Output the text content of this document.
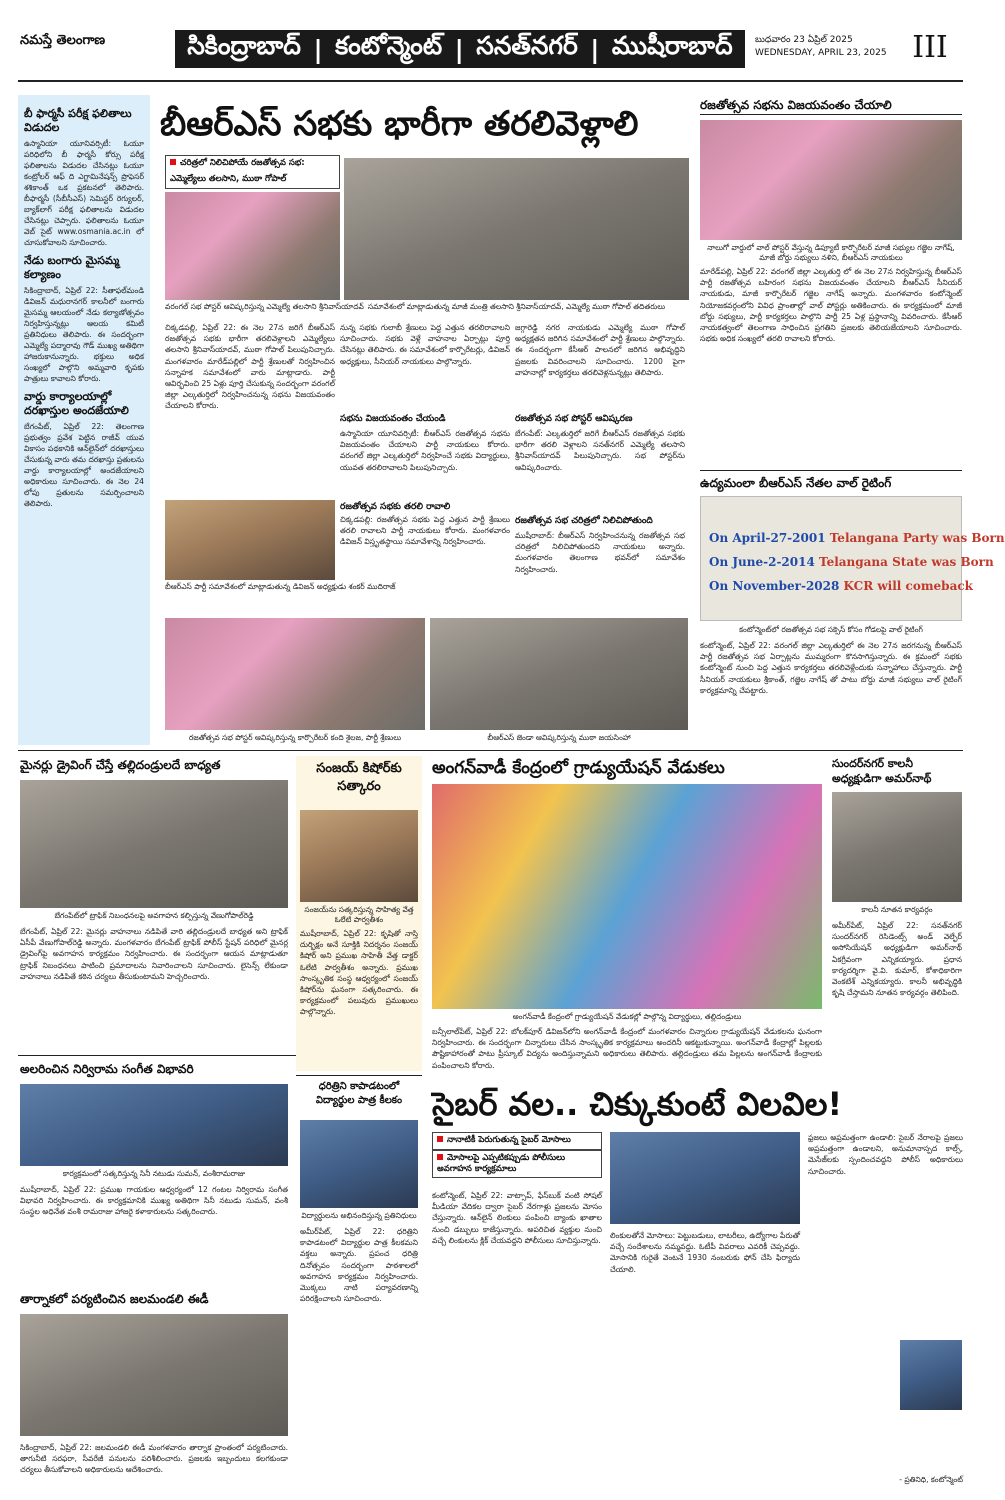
నమస్తే తెలంగాణ	సికింద్రాబాద్ | కంటోన్మెంట్ | సనత్‌నగర్ | ముషీరాబాద్ బుధవారం 23 ఏప్రిల్ 2025
WEDNESDAY, APRIL 23, 2025 III
బీ ఫార్మసీ పరీక్ష ఫలితాలు విడుదల
ఉస్మానియా యూనివర్సిటీ: ఓయూ పరిధిలోని బీ ఫార్మసీ కోర్సు పరీక్ష ఫలితాలను విడుదల చేసినట్లు ఓయూ కంట్రోలర్ ఆఫ్ ది ఎగ్జామినేషన్స్ ప్రొఫెసర్ శశికాంత్ ఒక ప్రకటనలో తెలిపారు. బీఫార్మసీ (సీబీసీఎస్) సెమిస్టర్ రెగ్యులర్, బ్యాక్‌లాగ్ పరీక్ష ఫలితాలను విడుదల చేసినట్లు చెప్పారు. ఫలితాలను ఓయూ వెబ్ సైట్ www.osmania.ac.in లో చూసుకోవాలని సూచించారు.
నేడు బంగారు మైసమ్మ కల్యాణం
సికింద్రాబాద్, ఏప్రిల్ 22: సీతాఫల్‌మండి డివిజన్ మధురానగర్ కాలనీలో బంగారు మైసమ్మ ఆలయంలో నేడు కల్యాణోత్సవం నిర్వహిస్తున్నట్లు ఆలయ కమిటీ ప్రతినిధులు తెలిపారు. ఈ సందర్భంగా ఎమ్మెల్యే పద్మారావు గౌడ్ ముఖ్య అతిథిగా హాజరుకానున్నారు. భక్తులు అధిక సంఖ్యలో పాల్గొని అమ్మవారి కృపకు పాత్రులు కావాలని కోరారు.
వార్డు కార్యాలయాల్లో దరఖాస్తుల అందజేయాలి
బేగంపేట్, ఏప్రిల్ 22: తెలంగాణ ప్రభుత్వం ప్రవేశ పెట్టిన రాజీవ్ యువ వికాసం పథకానికి ఆన్‌లైన్‌లో దరఖాస్తులు చేసుకున్న వారు తమ దరఖాస్తు ప్రతులను వార్డు కార్యాలయాల్లో అందజేయాలని అధికారులు సూచించారు. ఈ నెల 24 లోపు ప్రతులను సమర్పించాలని తెలిపారు.
బీఆర్‌ఎస్ సభకు భారీగా తరలివెళ్లాలి
చరిత్రలో నిలిచిపోయే రజతోత్సవ సభ:
ఎమ్మెల్యేలు తలసాని, ముఠా గోపాల్
వరంగల్ సభ పోస్టర్ ఆవిష్కరిస్తున్న ఎమ్మెల్యే తలసాని శ్రీనివాస్‌యాదవ్ సమావేశంలో మాట్లాడుతున్న మాజీ మంత్రి తలసాని శ్రీనివాస్‌యాదవ్, ఎమ్మెల్యే ముఠా గోపాల్ తదితరులు
చిక్కడపల్లి, ఏప్రిల్ 22: ఈ నెల 27న జరిగే బీఆర్‌ఎస్ రజతోత్సవ సభకు భారీగా తరలివెళ్లాలని ఎమ్మెల్యేలు తలసాని శ్రీనివాస్‌యాదవ్, ముఠా గోపాల్ పిలుపునిచ్చారు. మంగళవారం మారేడ్‌పల్లిలో పార్టీ శ్రేణులతో నిర్వహించిన సన్నాహక సమావేశంలో వారు మాట్లాడారు. పార్టీ ఆవిర్భవించి 25 ఏళ్లు పూర్తి చేసుకున్న సందర్భంగా వరంగల్ జిల్లా ఎల్కతుర్తిలో నిర్వహించనున్న సభను విజయవంతం చేయాలని కోరారు.
నున్న సభకు గులాబీ శ్రేణులు పెద్ద ఎత్తున తరలిరావాలని సూచించారు. సభకు వెళ్లే వాహనాల ఏర్పాట్లు పూర్తి చేసినట్లు తెలిపారు. ఈ సమావేశంలో కార్పొరేటర్లు, డివిజన్ అధ్యక్షులు, సీనియర్ నాయకులు పాల్గొన్నారు.
సభను విజయవంతం చేయండి
ఉస్మానియా యూనివర్సిటీ: బీఆర్‌ఎస్ రజతోత్సవ సభను విజయవంతం చేయాలని పార్టీ నాయకులు కోరారు. వరంగల్ జిల్లా ఎల్కతుర్తిలో నిర్వహించే సభకు విద్యార్థులు, యువత తరలిరావాలని పిలుపునిచ్చారు.
జగ్గారెడ్డి నగర నాయకుడు ఎమ్మెల్యే ముఠా గోపాల్ అధ్యక్షతన జరిగిన సమావేశంలో పార్టీ శ్రేణులు పాల్గొన్నారు. ఈ సందర్భంగా కేసీఆర్ పాలనలో జరిగిన అభివృద్ధిని ప్రజలకు వివరించాలని సూచించారు. 1200 పైగా వాహనాల్లో కార్యకర్తలు తరలివెళ్లనున్నట్లు తెలిపారు.
రజతోత్సవ సభ పోస్టర్ ఆవిష్కరణ
బేగంపేట్: ఎల్కతుర్తిలో జరిగే బీఆర్‌ఎస్ రజతోత్సవ సభకు భారీగా తరలి వెళ్లాలని సనత్‌నగర్ ఎమ్మెల్యే తలసాని శ్రీనివాస్‌యాదవ్ పిలుపునిచ్చారు. సభ పోస్టర్‌ను ఆవిష్కరించారు.
బీఆర్‌ఎస్ పార్టీ సమావేశంలో మాట్లాడుతున్న డివిజన్ అధ్యక్షుడు శంకర్ ముదిరాజ్
రజతోత్సవ సభకు తరలి రావాలి
చిక్కడపల్లి: రజతోత్సవ సభకు పెద్ద ఎత్తున పార్టీ శ్రేణులు తరలి రావాలని పార్టీ నాయకులు కోరారు. మంగళవారం డివిజన్ విస్తృతస్థాయి సమావేశాన్ని నిర్వహించారు.
రజతోత్సవ సభ చరిత్రలో నిలిచిపోతుంది
ముషీరాబాద్: బీఆర్‌ఎస్ నిర్వహించనున్న రజతోత్సవ సభ చరిత్రలో నిలిచిపోతుందని నాయకులు అన్నారు. మంగళవారం తెలంగాణ భవన్‌లో సమావేశం నిర్వహించారు.
రజతోత్సవ సభ పోస్టర్ ఆవిష్కరిస్తున్న కార్పొరేటర్ కంది శైలజ, పార్టీ శ్రేణులు	బీఆర్‌ఎస్ జెండా ఆవిష్కరిస్తున్న ముఠా జయసింహా
రజతోత్సవ సభను విజయవంతం చేయాలి
నాలుగో వార్డులో వాల్ పోస్టర్ వేస్తున్న డిప్యూటీ కార్పొరేటర్ మాజీ సభ్యుల గజ్జెల నాగేష్, మాజీ బోర్డు సభ్యులు నళిని, బీఆర్‌ఎస్ నాయకులు
మారేడ్‌పల్లి, ఏప్రిల్ 22: వరంగల్ జిల్లా ఎల్కతుర్తి లో ఈ నెల 27న నిర్వహిస్తున్న బీఆర్‌ఎస్ పార్టీ రజతోత్సవ బహిరంగ సభను విజయవంతం చేయాలని బీఆర్‌ఎస్ సీనియర్ నాయకుడు, మాజీ కార్పొరేటర్ గజ్జెల నాగేష్ అన్నారు. మంగళవారం కంటోన్మెంట్ నియోజకవర్గంలోని వివిధ ప్రాంతాల్లో వాల్ పోస్టర్లు అతికించారు. ఈ కార్యక్రమంలో మాజీ బోర్డు సభ్యులు, పార్టీ కార్యకర్తలు పాల్గొని పార్టీ 25 ఏళ్ల ప్రస్థానాన్ని వివరించారు. కేసీఆర్ నాయకత్వంలో తెలంగాణ సాధించిన ప్రగతిని ప్రజలకు తెలియజేయాలని సూచించారు. సభకు అధిక సంఖ్యలో తరలి రావాలని కోరారు.
ఉద్యమంలా బీఆర్‌ఎస్ నేతల వాల్ రైటింగ్
On April-27-2001 Telangana Party was Born
On June-2-2014 Telangana State was Born
On November-2028 KCR will comeback
కంటోన్మెంట్‌లో రజతోత్సవ సభ సక్సెస్ కోసం గోడలపై వాల్ రైటింగ్
కంటోన్మెంట్, ఏప్రిల్ 22: వరంగల్ జిల్లా ఎల్కతుర్తిలో ఈ నెల 27న జరగనున్న బీఆర్‌ఎస్ పార్టీ రజతోత్సవ సభ ఏర్పాట్లను ముమ్మరంగా కొనసాగిస్తున్నారు. ఈ క్రమంలో సభకు కంటోన్మెంట్ నుంచి పెద్ద ఎత్తున కార్యకర్తలు తరలివెళ్లేందుకు సన్నాహాలు చేస్తున్నారు. పార్టీ సీనియర్ నాయకులు శ్రీకాంత్, గజ్జెల నాగేష్ తో పాటు బోర్డు మాజీ సభ్యులు వాల్ రైటింగ్ కార్యక్రమాన్ని చేపట్టారు.
మైనర్లు డ్రైవింగ్ చేస్తే తల్లిదండ్రులదే బాధ్యత
బేగంపేట్‌లో ట్రాఫిక్ నిబంధనలపై అవగాహన కల్పిస్తున్న వేణుగోపాల్‌రెడ్డి
బేగంపేట్, ఏప్రిల్ 22: మైనర్లు వాహనాలు నడిపితే వారి తల్లిదండ్రులదే బాధ్యత అని ట్రాఫిక్ ఏసీపీ వేణుగోపాల్‌రెడ్డి అన్నారు. మంగళవారం బేగంపేట్ ట్రాఫిక్ పోలీస్ స్టేషన్ పరిధిలో మైనర్ల డ్రైవింగ్‌పై అవగాహన కార్యక్రమం నిర్వహించారు. ఈ సందర్భంగా ఆయన మాట్లాడుతూ ట్రాఫిక్ నిబంధనలు పాటించి ప్రమాదాలను నివారించాలని సూచించారు. లైసెన్స్ లేకుండా వాహనాలు నడిపితే కఠిన చర్యలు తీసుకుంటామని హెచ్చరించారు.
సంజయ్ కిషోర్‌కు సత్కారం
సంజయ్‌ను సత్కరిస్తున్న సాహిత్య వేత్త ఓలేటి పార్వతీశం
ముషీరాబాద్, ఏప్రిల్ 22: కృషితో నాస్తి దుర్భిక్షం అనే సూక్తికి నిదర్శనం సంజయ్ కిషోర్ అని ప్రముఖ సాహితీ వేత్త డాక్టర్ ఓలేటి పార్వతీశం అన్నారు. ప్రముఖ సాంస్కృతిక సంస్థ ఆధ్వర్యంలో సంజయ్ కిషోర్‌ను ఘనంగా సత్కరించారు. ఈ కార్యక్రమంలో పలువురు ప్రముఖులు పాల్గొన్నారు.
అంగన్‌వాడీ కేంద్రంలో గ్రాడ్యుయేషన్ వేడుకలు
అంగన్‌వాడీ కేంద్రంలో గ్రాడ్యుయేషన్ వేడుకల్లో పాల్గొన్న విద్యార్థులు, తల్లిదండ్రులు
బన్సీలాల్‌పేట్, ఏప్రిల్ 22: బోలక్‌పూర్ డివిజన్‌లోని అంగన్‌వాడీ కేంద్రంలో మంగళవారం చిన్నారుల గ్రాడ్యుయేషన్ వేడుకలను ఘనంగా నిర్వహించారు. ఈ సందర్భంగా చిన్నారులు చేసిన సాంస్కృతిక కార్యక్రమాలు అందరినీ ఆకట్టుకున్నాయి. అంగన్‌వాడీ కేంద్రాల్లో పిల్లలకు పౌష్టికాహారంతో పాటు ప్రీస్కూల్ విద్యను అందిస్తున్నామని అధికారులు తెలిపారు. తల్లిదండ్రులు తమ పిల్లలను అంగన్‌వాడీ కేంద్రాలకు పంపించాలని కోరారు.
సుందర్‌నగర్ కాలనీ అధ్యక్షుడిగా అమర్‌నాథ్
కాలనీ నూతన కార్యవర్గం
అమీర్‌పేట్, ఏప్రిల్ 22: సనత్‌నగర్ సుందర్‌నగర్ రెసిడెంట్స్ అండ్ వెల్ఫేర్ అసోసియేషన్ అధ్యక్షుడిగా అమర్‌నాథ్ ఏకగ్రీవంగా ఎన్నికయ్యారు. ప్రధాన కార్యదర్శిగా వై.వి. కుమార్, కోశాధికారిగా వెంకటేశ్ ఎన్నికయ్యారు. కాలనీ అభివృద్ధికి కృషి చేస్తామని నూతన కార్యవర్గం తెలిపింది.
అలరించిన నిర్విరామ సంగీత విభావరి
కార్యక్రమంలో సత్కరిస్తున్న సినీ నటుడు సుమన్, వంశీరామరాజు
ముషీరాబాద్, ఏప్రిల్ 22: ప్రముఖ గాయకుల ఆధ్వర్యంలో 12 గంటల నిర్విరామ సంగీత విభావరి నిర్వహించారు. ఈ కార్యక్రమానికి ముఖ్య అతిథిగా సినీ నటుడు సుమన్, వంశీ సంస్థల అధినేత వంశీ రామరాజు హాజరై కళాకారులను సత్కరించారు.
ధరిత్రిని కాపాడటంలో విద్యార్థుల పాత్ర కీలకం
విద్యార్థులను అభినందిస్తున్న ప్రతినిధులు
అమీర్‌పేట్, ఏప్రిల్ 22: ధరిత్రిని కాపాడటంలో విద్యార్థుల పాత్ర కీలకమని వక్తలు అన్నారు. ప్రపంచ ధరిత్రి దినోత్సవం సందర్భంగా పాఠశాలలో అవగాహన కార్యక్రమం నిర్వహించారు. మొక్కలు నాటి పర్యావరణాన్ని పరిరక్షించాలని సూచించారు.
తార్నాకలో పర్యటించిన జలమండలి ఈడీ
సికింద్రాబాద్, ఏప్రిల్ 22: జలమండలి ఈడీ మంగళవారం తార్నాక ప్రాంతంలో పర్యటించారు. తాగునీటి సరఫరా, సీవరేజీ పనులను పరిశీలించారు. ప్రజలకు ఇబ్బందులు కలగకుండా చర్యలు తీసుకోవాలని అధికారులను ఆదేశించారు.
సైబర్ వల.. చిక్కుకుంటే విలవిల!
నానాటికీ పెరుగుతున్న సైబర్ మోసాలు
మోసాలపై ఎప్పటికప్పుడు పోలీసులు అవగాహన కార్యక్రమాలు
కంటోన్మెంట్, ఏప్రిల్ 22: వాట్సాప్, ఫేస్‌బుక్ వంటి సోషల్ మీడియా వేదికల ద్వారా సైబర్ నేరగాళ్లు ప్రజలను మోసం చేస్తున్నారు. ఆన్‌లైన్ లింకులు పంపించి బ్యాంకు ఖాతాల నుంచి డబ్బులు కాజేస్తున్నారు. అపరిచిత వ్యక్తుల నుంచి వచ్చే లింకులను క్లిక్ చేయవద్దని పోలీసులు సూచిస్తున్నారు.
లింకులతోనే మోసాలు: పెట్టుబడులు, లాటరీలు, ఉద్యోగాల పేరుతో వచ్చే సందేశాలను నమ్మవద్దు. ఓటీపీ వివరాలు ఎవరికీ చెప్పవద్దు. మోసానికి గురైతే వెంటనే 1930 నంబరుకు ఫోన్ చేసి ఫిర్యాదు చేయాలి.
ఫ్రజలు అప్రమత్తంగా ఉండాలి: సైబర్ నేరాలపై ప్రజలు అప్రమత్తంగా ఉండాలని, అనుమానాస్పద కాల్స్, మెసేజ్‌లకు స్పందించవద్దని పోలీస్ అధికారులు సూచించారు.
- ప్రతినిధి, కంటోన్మెంట్
